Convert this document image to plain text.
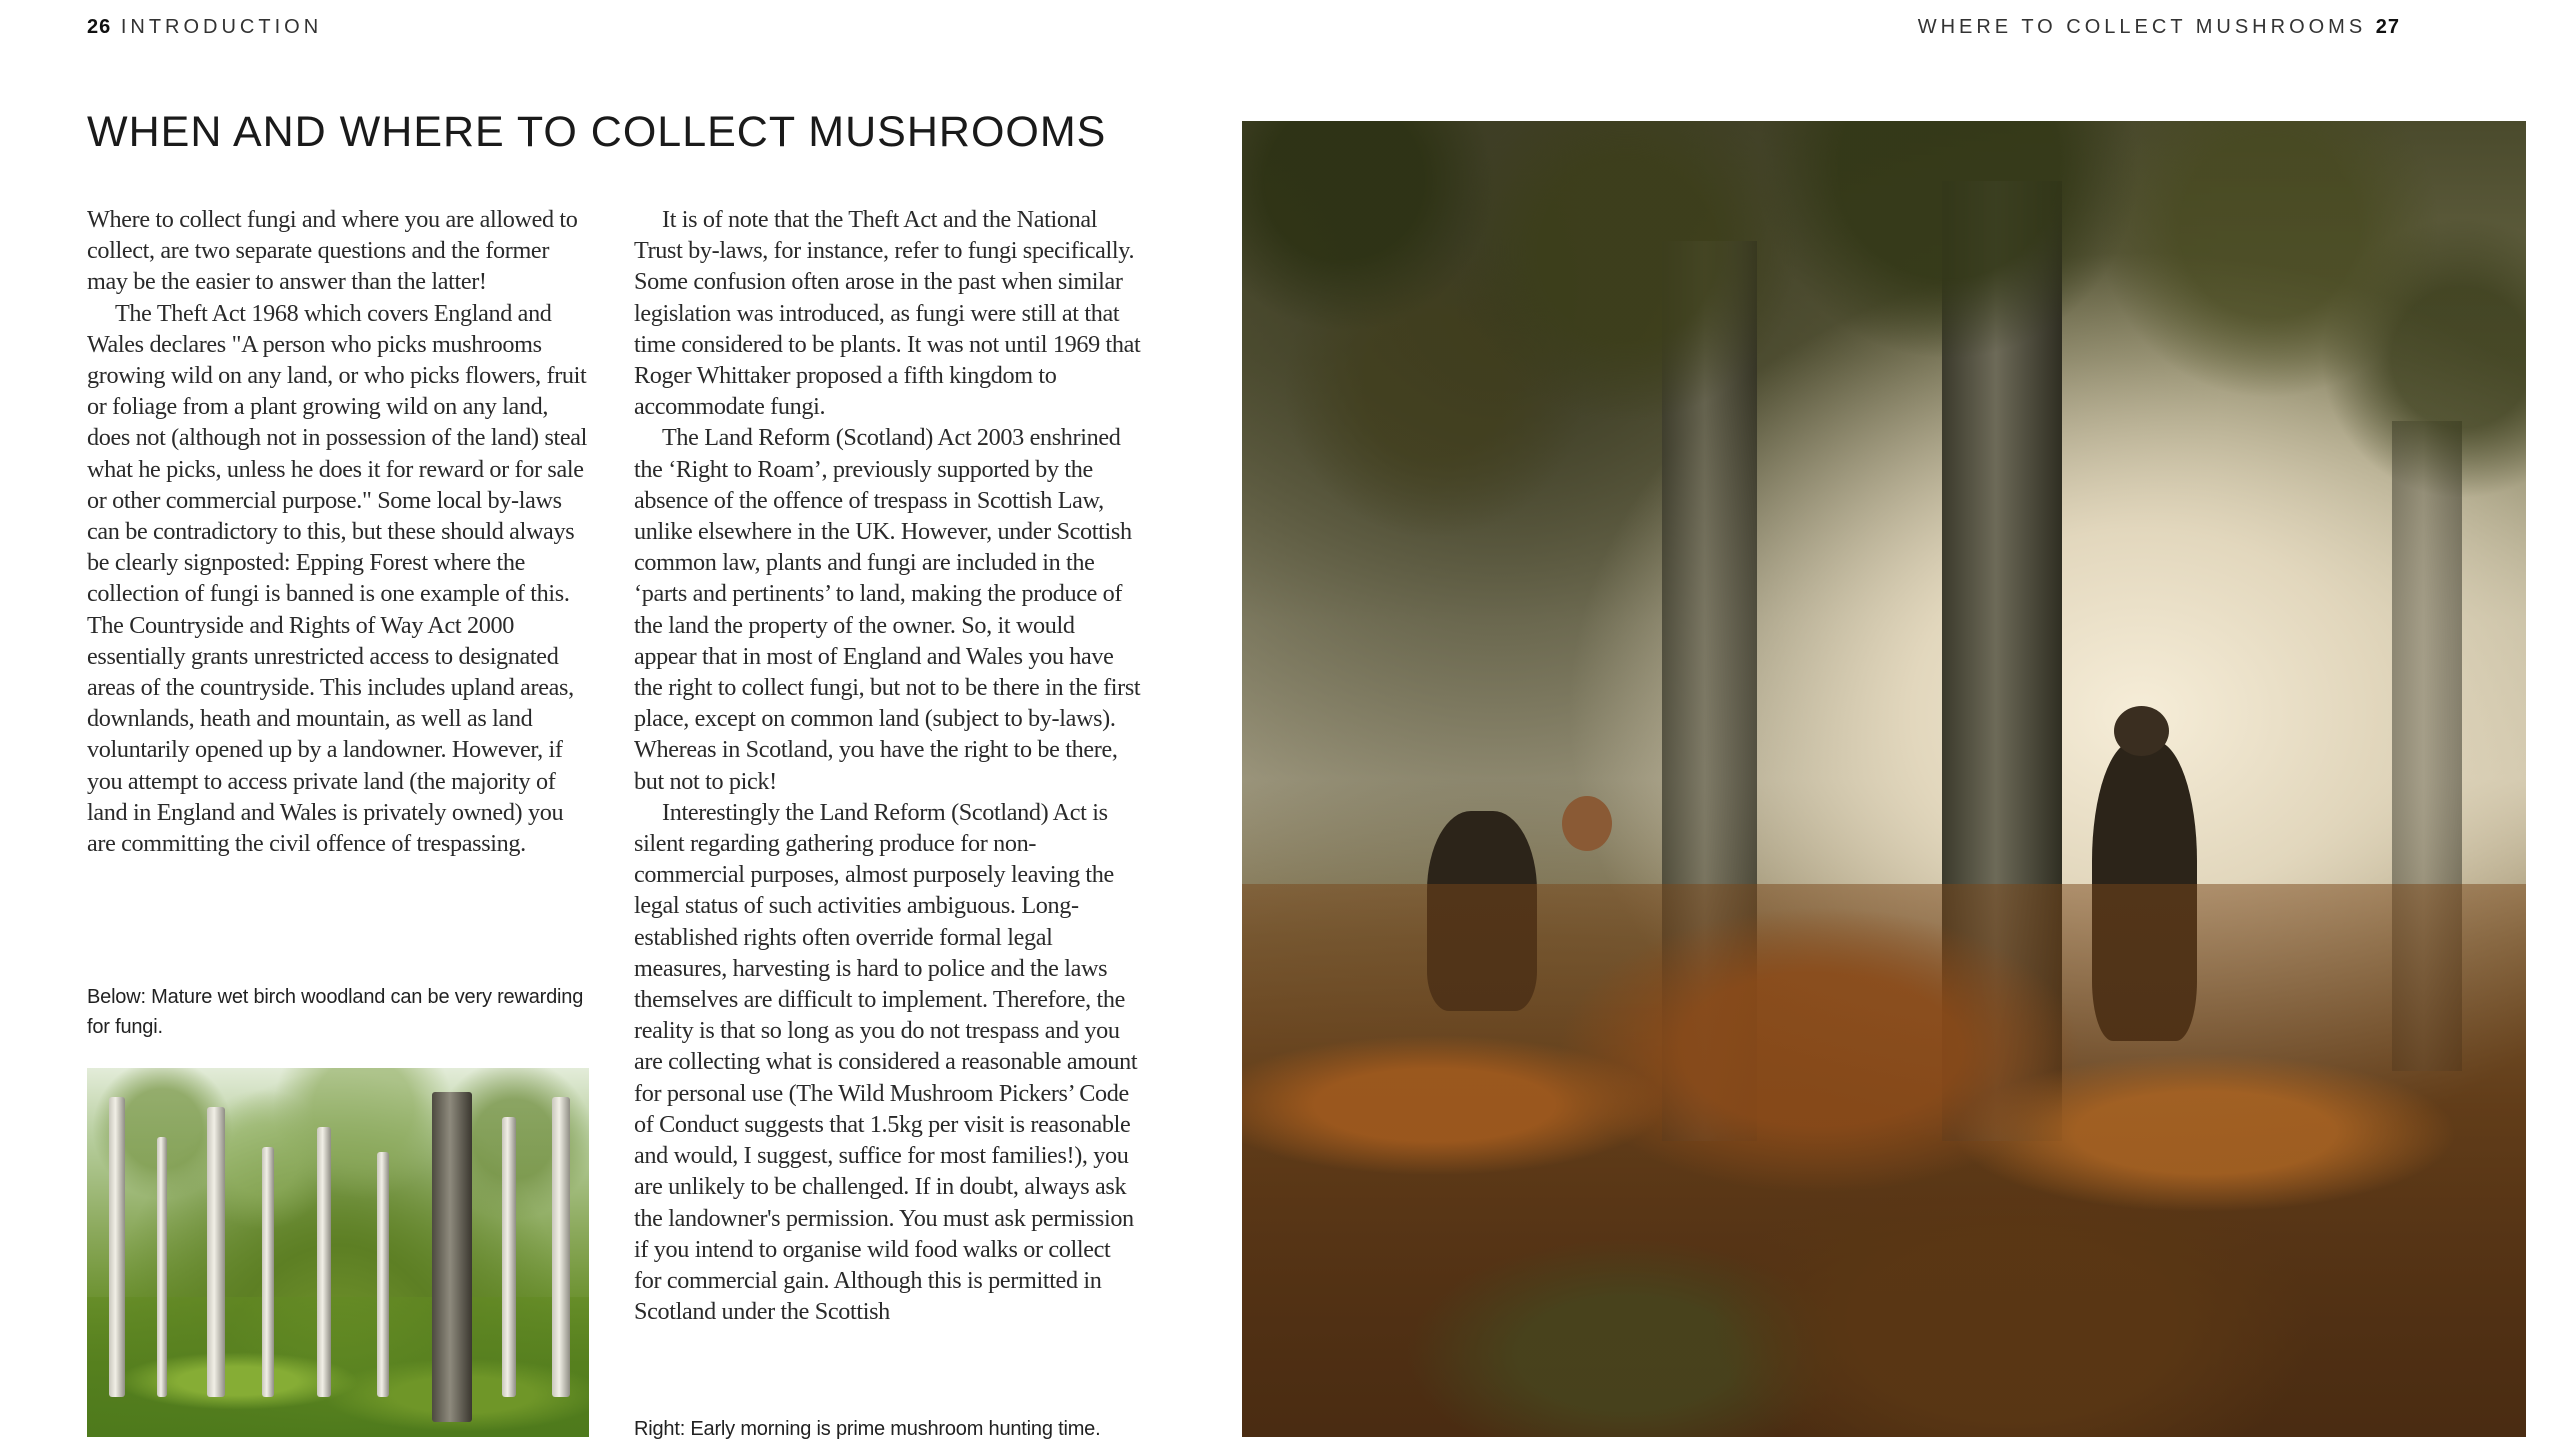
26 INTRODUCTION	WHERE TO COLLECT MUSHROOMS 27
WHEN AND WHERE TO COLLECT MUSHROOMS

Where to collect fungi and where you are allowed to collect, are two separate questions and the former may be the easier to answer than the latter!

The Theft Act 1968 which covers England and Wales declares "A person who picks mushrooms growing wild on any land, or who picks flowers, fruit or foliage from a plant growing wild on any land, does not (although not in possession of the land) steal what he picks, unless he does it for reward or for sale or other commercial purpose." Some local by-laws can be contradictory to this, but these should always be clearly signposted: Epping Forest where the collection of fungi is banned is one example of this. The Countryside and Rights of Way Act 2000 essentially grants unrestricted access to designated areas of the countryside. This includes upland areas, downlands, heath and mountain, as well as land voluntarily opened up by a landowner. However, if you attempt to access private land (the majority of land in England and Wales is privately owned) you are committing the civil offence of trespassing.

Below: Mature wet birch woodland can be very rewarding for fungi.

It is of note that the Theft Act and the National Trust by-laws, for instance, refer to fungi specifically. Some confusion often arose in the past when similar legislation was introduced, as fungi were still at that time considered to be plants. It was not until 1969 that Roger Whittaker proposed a fifth kingdom to accommodate fungi.

The Land Reform (Scotland) Act 2003 enshrined the ‘Right to Roam’, previously supported by the absence of the offence of trespass in Scottish Law, unlike elsewhere in the UK. However, under Scottish common law, plants and fungi are included in the ‘parts and pertinents’ to land, making the produce of the land the property of the owner. So, it would appear that in most of England and Wales you have the right to collect fungi, but not to be there in the first place, except on common land (subject to by-laws). Whereas in Scotland, you have the right to be there, but not to pick!

Interestingly the Land Reform (Scotland) Act is silent regarding gathering produce for non-commercial purposes, almost purposely leaving the legal status of such activities ambiguous. Long-established rights often override formal legal measures, harvesting is hard to police and the laws themselves are difficult to implement. Therefore, the reality is that so long as you do not trespass and you are collecting what is considered a reasonable amount for personal use (The Wild Mushroom Pickers’ Code of Conduct suggests that 1.5kg per visit is reasonable and would, I suggest, suffice for most families!), you are unlikely to be challenged. If in doubt, always ask the landowner's permission. You must ask permission if you intend to organise wild food walks or collect for commercial gain. Although this is permitted in Scotland under the Scottish

Right: Early morning is prime mushroom hunting time.
